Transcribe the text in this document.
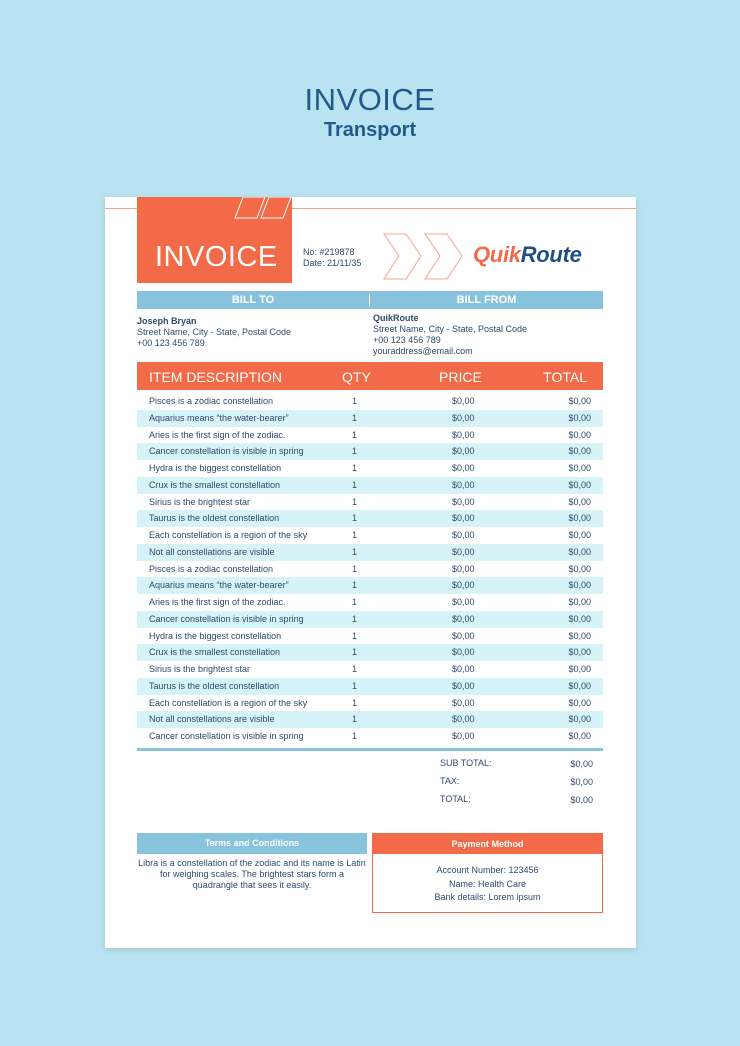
INVOICE
Transport
INVOICE	No: #219878
Date: 21/11/35	QuikRoute
BILL TO	BILL FROM
Joseph Bryan
Street Name, City - State, Postal Code
+00 123 456 789
QuikRoute
Street Name, City - State, Postal Code
+00 123 456 789
youraddress@email.com
ITEM DESCRIPTION	QTY	PRICE	TOTAL
Pisces is a zodiac constellation	1	$0,00	$0,00
Aquarius means “the water-bearer”	1	$0,00	$0,00
Aries is the first sign of the zodiac.	1	$0,00	$0,00
Cancer constellation is visible in spring	1	$0,00	$0,00
Hydra is the biggest constellation	1	$0,00	$0,00
Crux is the smallest constellation	1	$0,00	$0,00
Sirius is the brightest star	1	$0,00	$0,00
Taurus is the oldest constellation	1	$0,00	$0,00
Each constellation is a region of the sky	1	$0,00	$0,00
Not all constellations are visible	1	$0,00	$0,00
Pisces is a zodiac constellation	1	$0,00	$0,00
Aquarius means “the water-bearer”	1	$0,00	$0,00
Aries is the first sign of the zodiac.	1	$0,00	$0,00
Cancer constellation is visible in spring	1	$0,00	$0,00
Hydra is the biggest constellation	1	$0,00	$0,00
Crux is the smallest constellation	1	$0,00	$0,00
Sirius is the brightest star	1	$0,00	$0,00
Taurus is the oldest constellation	1	$0,00	$0,00
Each constellation is a region of the sky	1	$0,00	$0,00
Not all constellations are visible	1	$0,00	$0,00
Cancer constellation is visible in spring	1	$0,00	$0,00
SUB TOTAL:	$0,00
TAX:	$0,00
TOTAL:	$0,00
Terms and Conditions
Libra is a constellation of the zodiac and its name is Latin for weighing scales. The brightest stars form a quadrangle that sees it easily.
Payment Method
Account Number: 123456
Name: Health Care
Bank details: Lorem ipsum
